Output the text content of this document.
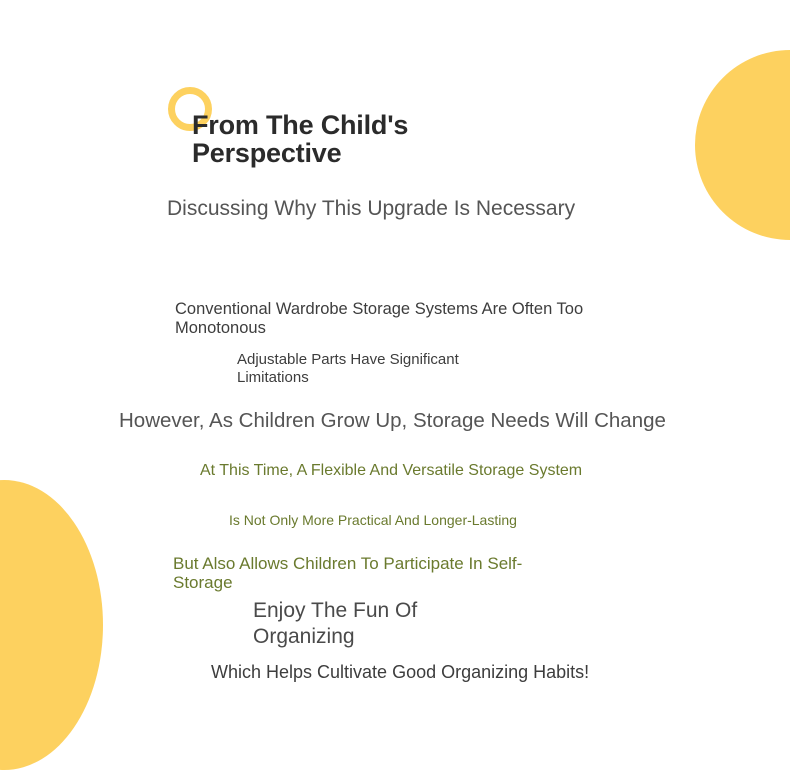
From The Child's Perspective
Discussing Why This Upgrade Is Necessary
Conventional Wardrobe Storage Systems Are Often Too Monotonous
Adjustable Parts Have Significant Limitations
However, As Children Grow Up, Storage Needs Will Change
At This Time, A Flexible And Versatile Storage System
Is Not Only More Practical And Longer-Lasting
But Also Allows Children To Participate In Self-Storage
Enjoy The Fun Of Organizing
Which Helps Cultivate Good Organizing Habits!
